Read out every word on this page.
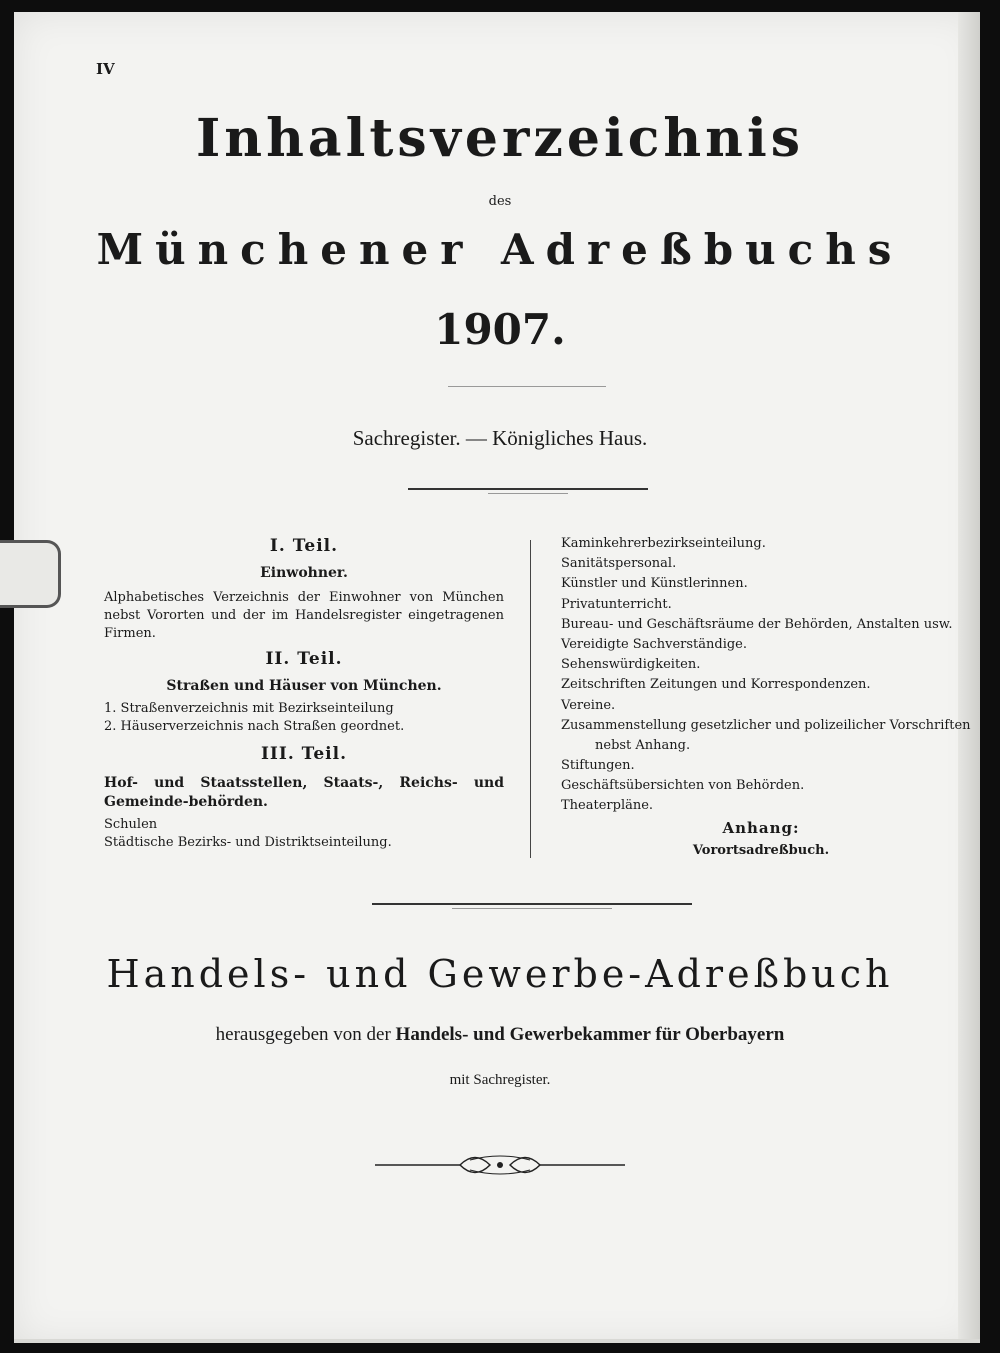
IV
Inhaltsverzeichnis
des
Münchener Adreßbuchs
1907.
Sachregister. — Königliches Haus.
I. Teil.
Einwohner.
Alphabetisches Verzeichnis der Einwohner von München nebst Vororten und der im Handelsregister eingetragenen Firmen.
II. Teil.
Straßen und Häuser von München.
1. Straßenverzeichnis mit Bezirkseinteilung
2. Häuserverzeichnis nach Straßen geordnet.
III. Teil.
Hof- und Staatsstellen, Staats-, Reichs- und Gemeinde-behörden.
Schulen
Städtische Bezirks- und Distriktseinteilung.
Kaminkehrerbezirkseinteilung.
Sanitätspersonal.
Künstler und Künstlerinnen.
Privatunterricht.
Bureau- und Geschäftsräume der Behörden, Anstalten usw.
Vereidigte Sachverständige.
Sehenswürdigkeiten.
Zeitschriften Zeitungen und Korrespondenzen.
Vereine.
Zusammenstellung gesetzlicher und polizeilicher Vorschriften
nebst Anhang.
Stiftungen.
Geschäftsübersichten von Behörden.
Theaterpläne.
Anhang:
Vorortsadreßbuch.
Handels- und Gewerbe-Adreßbuch
herausgegeben von der Handels- und Gewerbekammer für Oberbayern
mit Sachregister.
